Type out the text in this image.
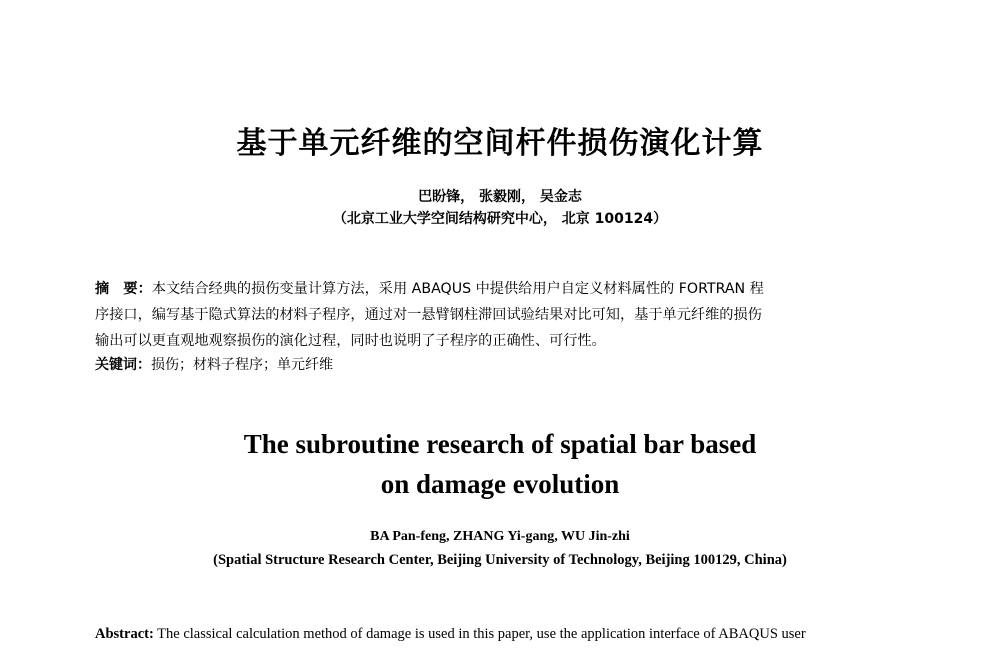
基于单元纤维的空间杆件损伤演化计算
巴盼锋， 张毅刚， 吴金志
（北京工业大学空间结构研究中心， 北京 100124）
摘　要：本文结合经典的损伤变量计算方法，采用 ABAQUS 中提供给用户自定义材料属性的 FORTRAN 程
序接口，编写基于隐式算法的材料子程序，通过对一悬臂钢柱滞回试验结果对比可知，基于单元纤维的损伤
输出可以更直观地观察损伤的演化过程，同时也说明了子程序的正确性、可行性。
关键词：损伤；材料子程序；单元纤维
The subroutine research of spatial bar based
on damage evolution
BA Pan-feng, ZHANG Yi-gang, WU Jin-zhi
(Spatial Structure Research Center, Beijing University of Technology, Beijing 100129, China)
Abstract: The classical calculation method of damage is used in this paper, use the application interface of ABAQUS user
